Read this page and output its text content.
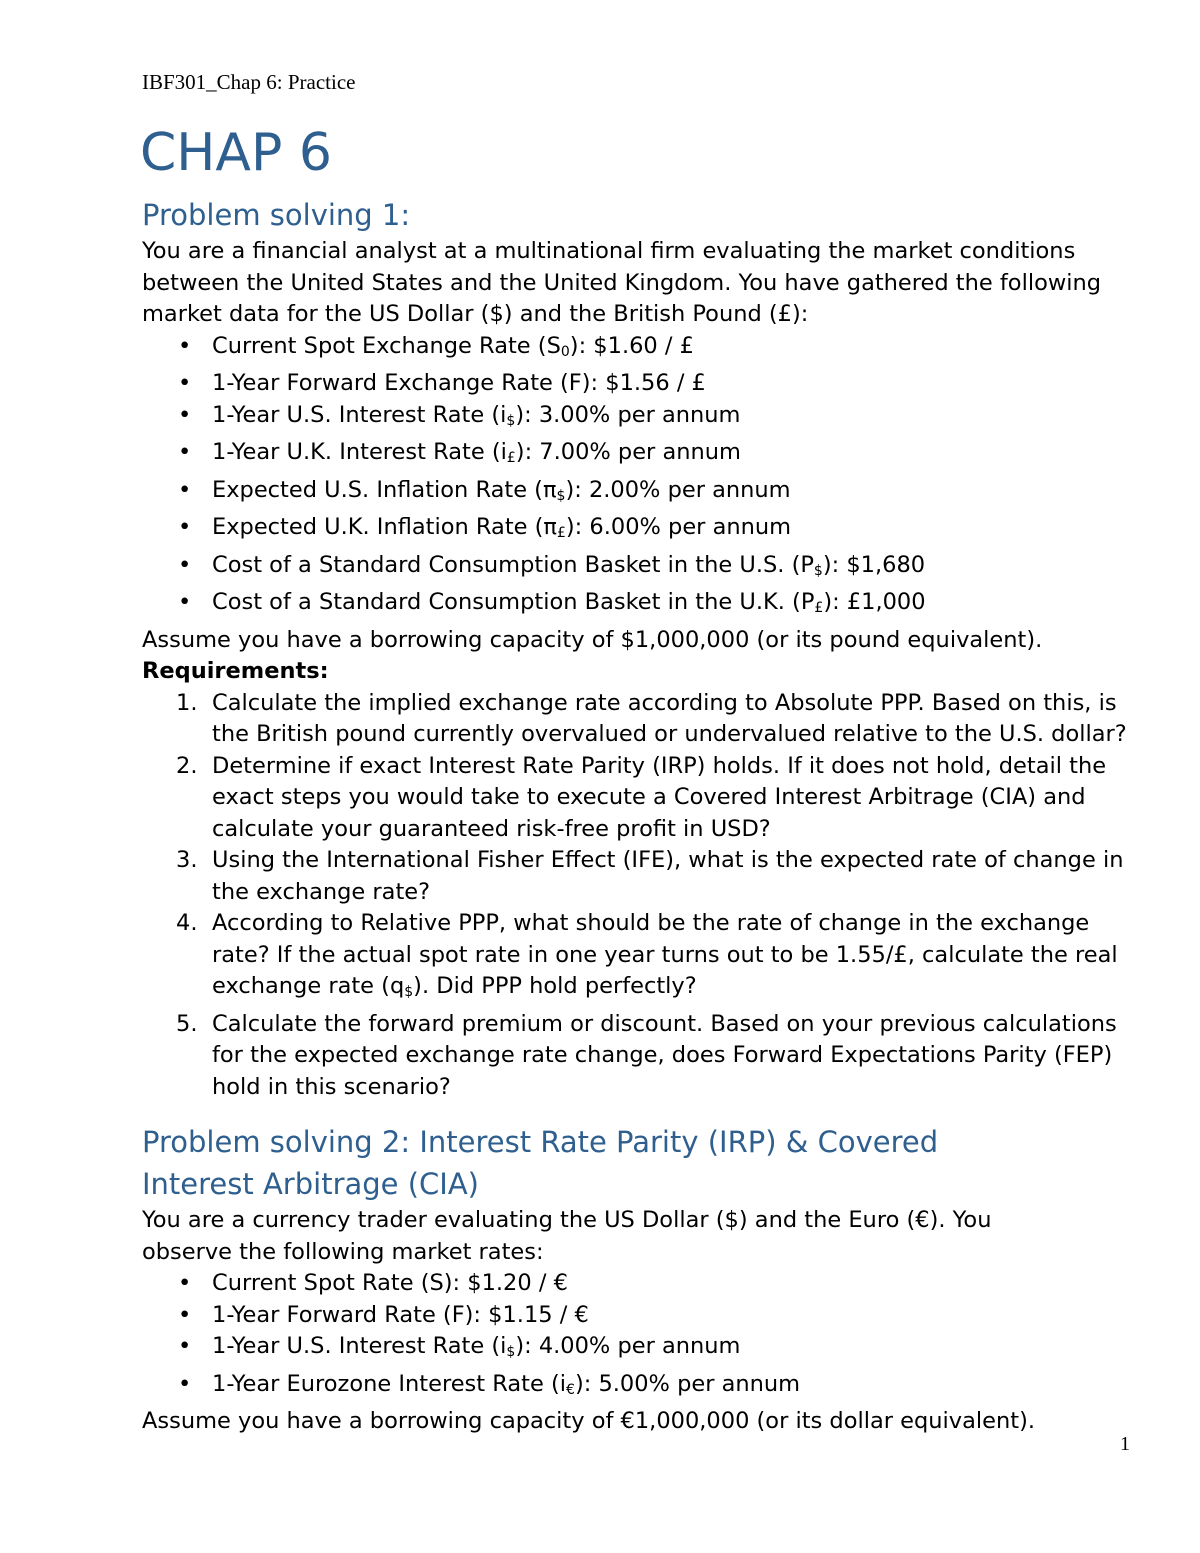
IBF301_Chap 6: Practice
CHAP 6
Problem solving 1:

You are a financial analyst at a multinational firm evaluating the market conditions between the United States and the United Kingdom. You have gathered the following market data for the US Dollar ($) and the British Pound (£):

• Current Spot Exchange Rate $(S_0)$: $1.60 / £
• 1-Year Forward Exchange Rate (F): $1.56 / £
• 1-Year U.S. Interest Rate $(i_{\$})$: 3.00% per annum
• 1-Year U.K. Interest Rate $(i_£)$: 7.00% per annum
• Expected U.S. Inflation Rate $(\pi_{\$})$: 2.00% per annum
• Expected U.K. Inflation Rate $(\pi_£)$: 6.00% per annum
• Cost of a Standard Consumption Basket in the U.S. $(P_{\$})$: $1,680
• Cost of a Standard Consumption Basket in the U.K. $(P_£)$: £1,000

Assume you have a borrowing capacity of $1,000,000 (or its pound equivalent).

Requirements:

1. Calculate the implied exchange rate according to Absolute PPP. Based on this, is the British pound currently overvalued or undervalued relative to the U.S. dollar?
2. Determine if exact Interest Rate Parity (IRP) holds. If it does not hold, detail the exact steps you would take to execute a Covered Interest Arbitrage (CIA) and calculate your guaranteed risk-free profit in USD?
3. Using the International Fisher Effect (IFE), what is the expected rate of change in the exchange rate?
4. According to Relative PPP, what should be the rate of change in the exchange rate? If the actual spot rate in one year turns out to be 1.55/£, calculate the real exchange rate $(q_{\$})$. Did PPP hold perfectly?
5. Calculate the forward premium or discount. Based on your previous calculations for the expected exchange rate change, does Forward Expectations Parity (FEP) hold in this scenario?
Problem solving 2: Interest Rate Parity (IRP) & Covered Interest Arbitrage (CIA)

You are a currency trader evaluating the US Dollar ($) and the Euro (€). You observe the following market rates:

• Current Spot Rate (S): $1.20 / €
• 1-Year Forward Rate (F): $1.15 / €
• 1-Year U.S. Interest Rate $(i_{\$})$: 4.00% per annum
• 1-Year Eurozone Interest Rate $(i_€)$: 5.00% per annum

Assume you have a borrowing capacity of €1,000,000 (or its dollar equivalent).

1
